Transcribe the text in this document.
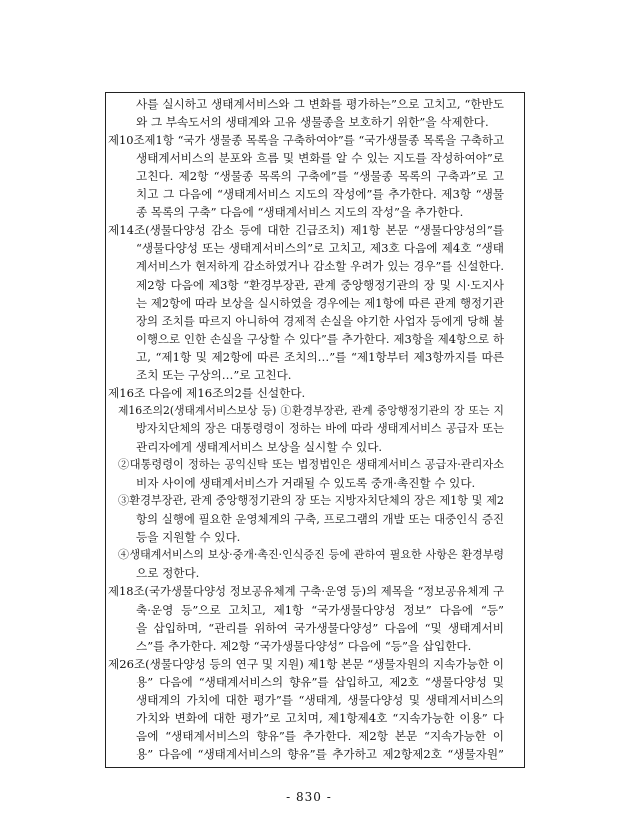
사를 실시하고 생태계서비스와 그 변화를 평가하는”으로 고치고, “한반도
와 그 부속도서의 생태계와 고유 생물종을 보호하기 위한”을 삭제한다.
제10조제1항 “국가 생물종 목록을 구축하여야”를 “국가생물종 목록을 구축하고
생태계서비스의 분포와 흐름 및 변화를 알 수 있는 지도를 작성하여야”로
고친다. 제2항 “생물종 목록의 구축에”를 “생물종 목록의 구축과”로 고
치고 그 다음에 “생태계서비스 지도의 작성에”를 추가한다. 제3항 “생물
종 목록의 구축” 다음에 “생태계서비스 지도의 작성”을 추가한다.
제14조(생물다양성 감소 등에 대한 긴급조치) 제1항 본문 “생물다양성의”를
“생물다양성 또는 생태계서비스의”로 고치고, 제3호 다음에 제4호 “생태
계서비스가 현저하게 감소하였거나 감소할 우려가 있는 경우”를 신설한다.
제2항 다음에 제3항 “환경부장관, 관계 중앙행정기관의 장 및 시·도지사
는 제2항에 따라 보상을 실시하였을 경우에는 제1항에 따른 관계 행정기관
장의 조치를 따르지 아니하여 경제적 손실을 야기한 사업자 등에게 당해 불
이행으로 인한 손실을 구상할 수 있다”를 추가한다. 제3항을 제4항으로 하
고, “제1항 및 제2항에 따른 조치의…”를 “제1항부터 제3항까지를 따른
조치 또는 구상의…”로 고친다.
제16조 다음에 제16조의2를 신설한다.
제16조의2(생태계서비스보상 등) ①환경부장관, 관계 중앙행정기관의 장 또는 지
방자치단체의 장은 대통령령이 정하는 바에 따라 생태계서비스 공급자 또는
관리자에게 생태계서비스 보상을 실시할 수 있다.
②대통령령이 정하는 공익신탁 또는 법정법인은 생태계서비스 공급자·관리자소
비자 사이에 생태계서비스가 거래될 수 있도록 중개·촉진할 수 있다.
③환경부장관, 관계 중앙행정기관의 장 또는 지방자치단체의 장은 제1항 및 제2
항의 실행에 필요한 운영체계의 구축, 프로그램의 개발 또는 대중인식 증진
등을 지원할 수 있다.
④생태계서비스의 보상·중개·촉진·인식증진 등에 관하여 필요한 사항은 환경부령
으로 정한다.
제18조(국가생물다양성 정보공유체계 구축·운영 등)의 제목을 “정보공유체계 구
축·운영 등”으로 고치고, 제1항 “국가생물다양성 정보” 다음에 “등”
을 삽입하며, “관리를 위하여 국가생물다양성” 다음에 “및 생태계서비
스”를 추가한다. 제2항 “국가생물다양성” 다음에 “등”을 삽입한다.
제26조(생물다양성 등의 연구 및 지원) 제1항 본문 “생물자원의 지속가능한 이
용” 다음에 “생태계서비스의 향유”를 삽입하고, 제2호 “생물다양성 및
생태계의 가치에 대한 평가”를 “생태계, 생물다양성 및 생태계서비스의
가치와 변화에 대한 평가”로 고치며, 제1항제4호 “지속가능한 이용” 다
음에 “생태계서비스의 향유”를 추가한다. 제2항 본문 “지속가능한 이
용” 다음에 “생태계서비스의 향유”를 추가하고 제2항제2호 “생물자원”
- 830 -
